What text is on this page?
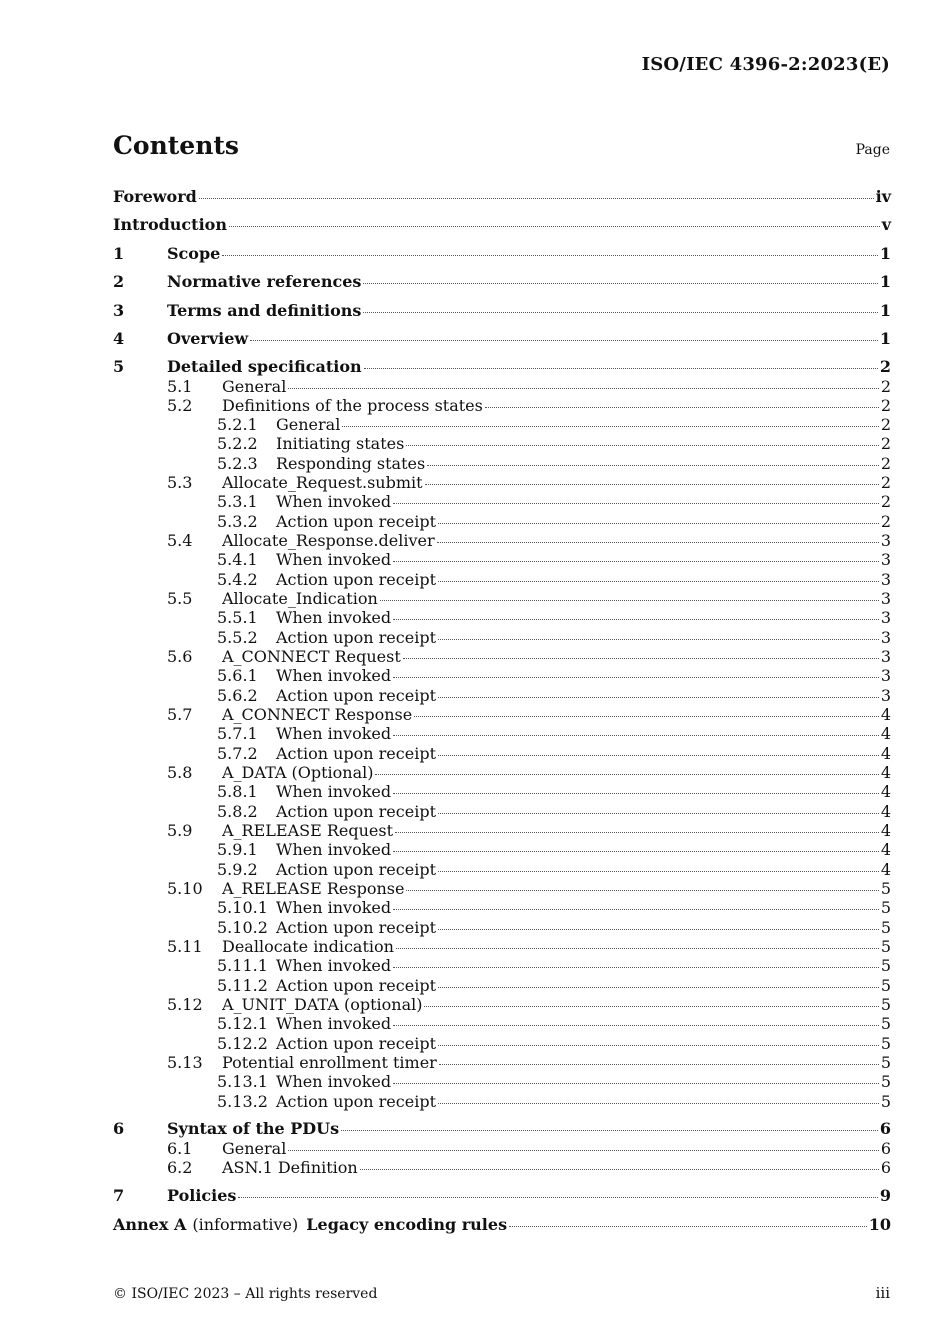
ISO/IEC 4396-2:2023(E)
Contents	Page
Foreword	iv
Introduction	v
1	Scope	1
2	Normative references	1
3	Terms and definitions	1
4	Overview	1
5	Detailed specification	2
5.1	General	2
5.2	Definitions of the process states	2
5.2.1	General	2
5.2.2	Initiating states	2
5.2.3	Responding states	2
5.3	Allocate_Request.submit	2
5.3.1	When invoked	2
5.3.2	Action upon receipt	2
5.4	Allocate_Response.deliver	3
5.4.1	When invoked	3
5.4.2	Action upon receipt	3
5.5	Allocate_Indication	3
5.5.1	When invoked	3
5.5.2	Action upon receipt	3
5.6	A_CONNECT Request	3
5.6.1	When invoked	3
5.6.2	Action upon receipt	3
5.7	A_CONNECT Response	4
5.7.1	When invoked	4
5.7.2	Action upon receipt	4
5.8	A_DATA (Optional)	4
5.8.1	When invoked	4
5.8.2	Action upon receipt	4
5.9	A_RELEASE Request	4
5.9.1	When invoked	4
5.9.2	Action upon receipt	4
5.10	A_RELEASE Response	5
5.10.1 When invoked	5
5.10.2 Action upon receipt	5
5.11	Deallocate indication	5
5.11.1 When invoked	5
5.11.2 Action upon receipt	5
5.12	A_UNIT_DATA (optional)	5
5.12.1 When invoked	5
5.12.2 Action upon receipt	5
5.13	Potential enrollment timer	5
5.13.1 When invoked	5
5.13.2 Action upon receipt	5
6	Syntax of the PDUs	6
6.1	General	6
6.2	ASN.1 Definition	6
7	Policies	9
Annex A (informative) Legacy encoding rules	10
© ISO/IEC 2023 – All rights reserved	iii
